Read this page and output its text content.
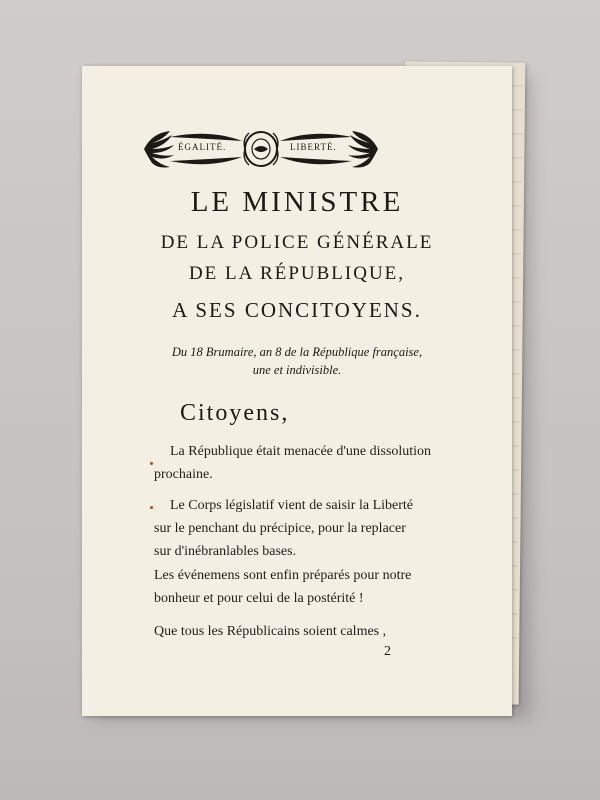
ÉGALITÉ.	LIBERTÉ.
LE MINISTRE
DE LA POLICE GÉNÉRALE
DE LA RÉPUBLIQUE,
A SES CONCITOYENS.
Du 18 Brumaire, an 8 de la République française,
une et indivisible.
Citoyens,
La République était menacée d'une dissolution
prochaine.
Le Corps législatif vient de saisir la Liberté
sur le penchant du précipice, pour la replacer
sur d'inébranlables bases.
Les événemens sont enfin préparés pour notre
bonheur et pour celui de la postérité !
Que tous les Républicains soient calmes ,
2
